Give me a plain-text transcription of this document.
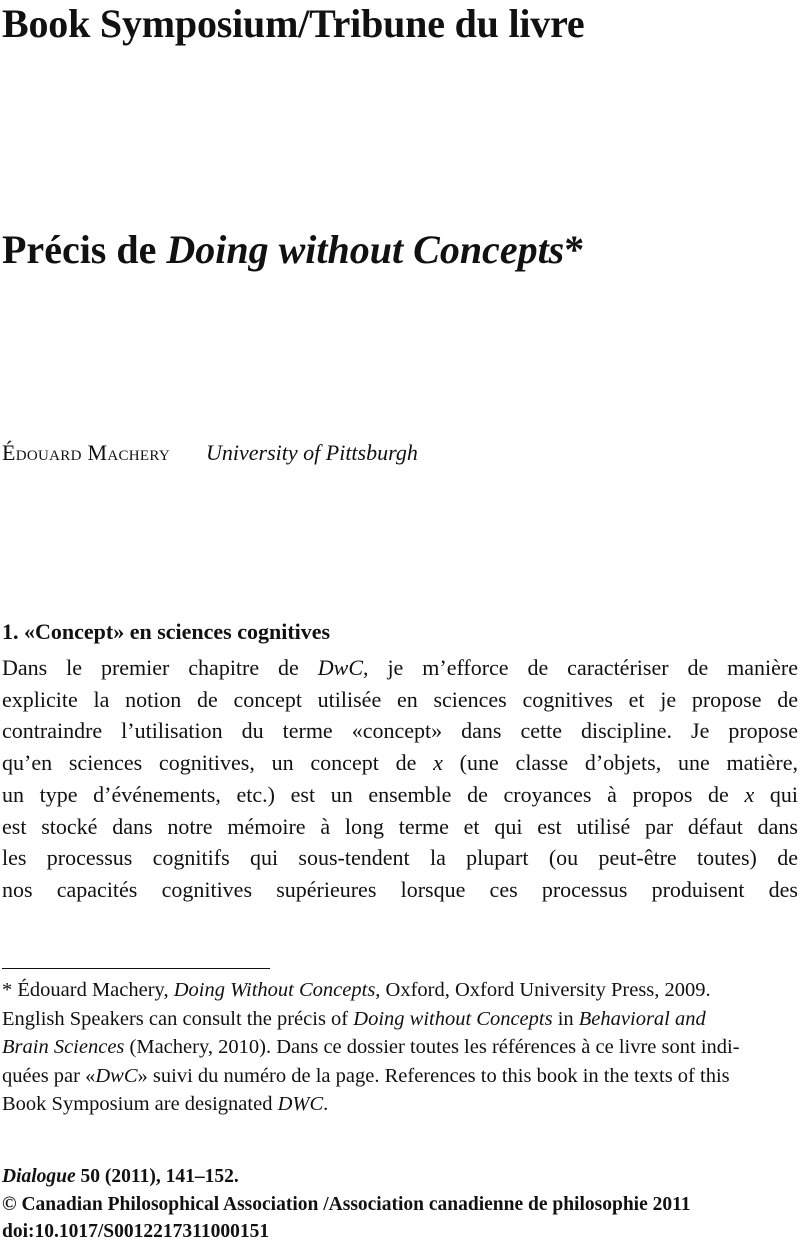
Book Symposium/Tribune du livre
Précis de Doing without Concepts*
Édouard Machery University of Pittsburgh
1. «Concept» en sciences cognitives
Dans le premier chapitre de DwC, je m’efforce de caractériser de manière
explicite la notion de concept utilisée en sciences cognitives et je propose de
contraindre l’utilisation du terme «concept» dans cette discipline. Je propose
qu’en sciences cognitives, un concept de x (une classe d’objets, une matière,
un type d’événements, etc.) est un ensemble de croyances à propos de x qui
est stocké dans notre mémoire à long terme et qui est utilisé par défaut dans
les processus cognitifs qui sous-tendent la plupart (ou peut-être toutes) de
nos capacités cognitives supérieures lorsque ces processus produisent des
* Édouard Machery, Doing Without Concepts, Oxford, Oxford University Press, 2009.
English Speakers can consult the précis of Doing without Concepts in Behavioral and
Brain Sciences (Machery, 2010). Dans ce dossier toutes les références à ce livre sont indi-
quées par «DwC» suivi du numéro de la page. References to this book in the texts of this
Book Symposium are designated DWC.
Dialogue 50 (2011), 141–152.
© Canadian Philosophical Association /Association canadienne de philosophie 2011
doi:10.1017/S0012217311000151
